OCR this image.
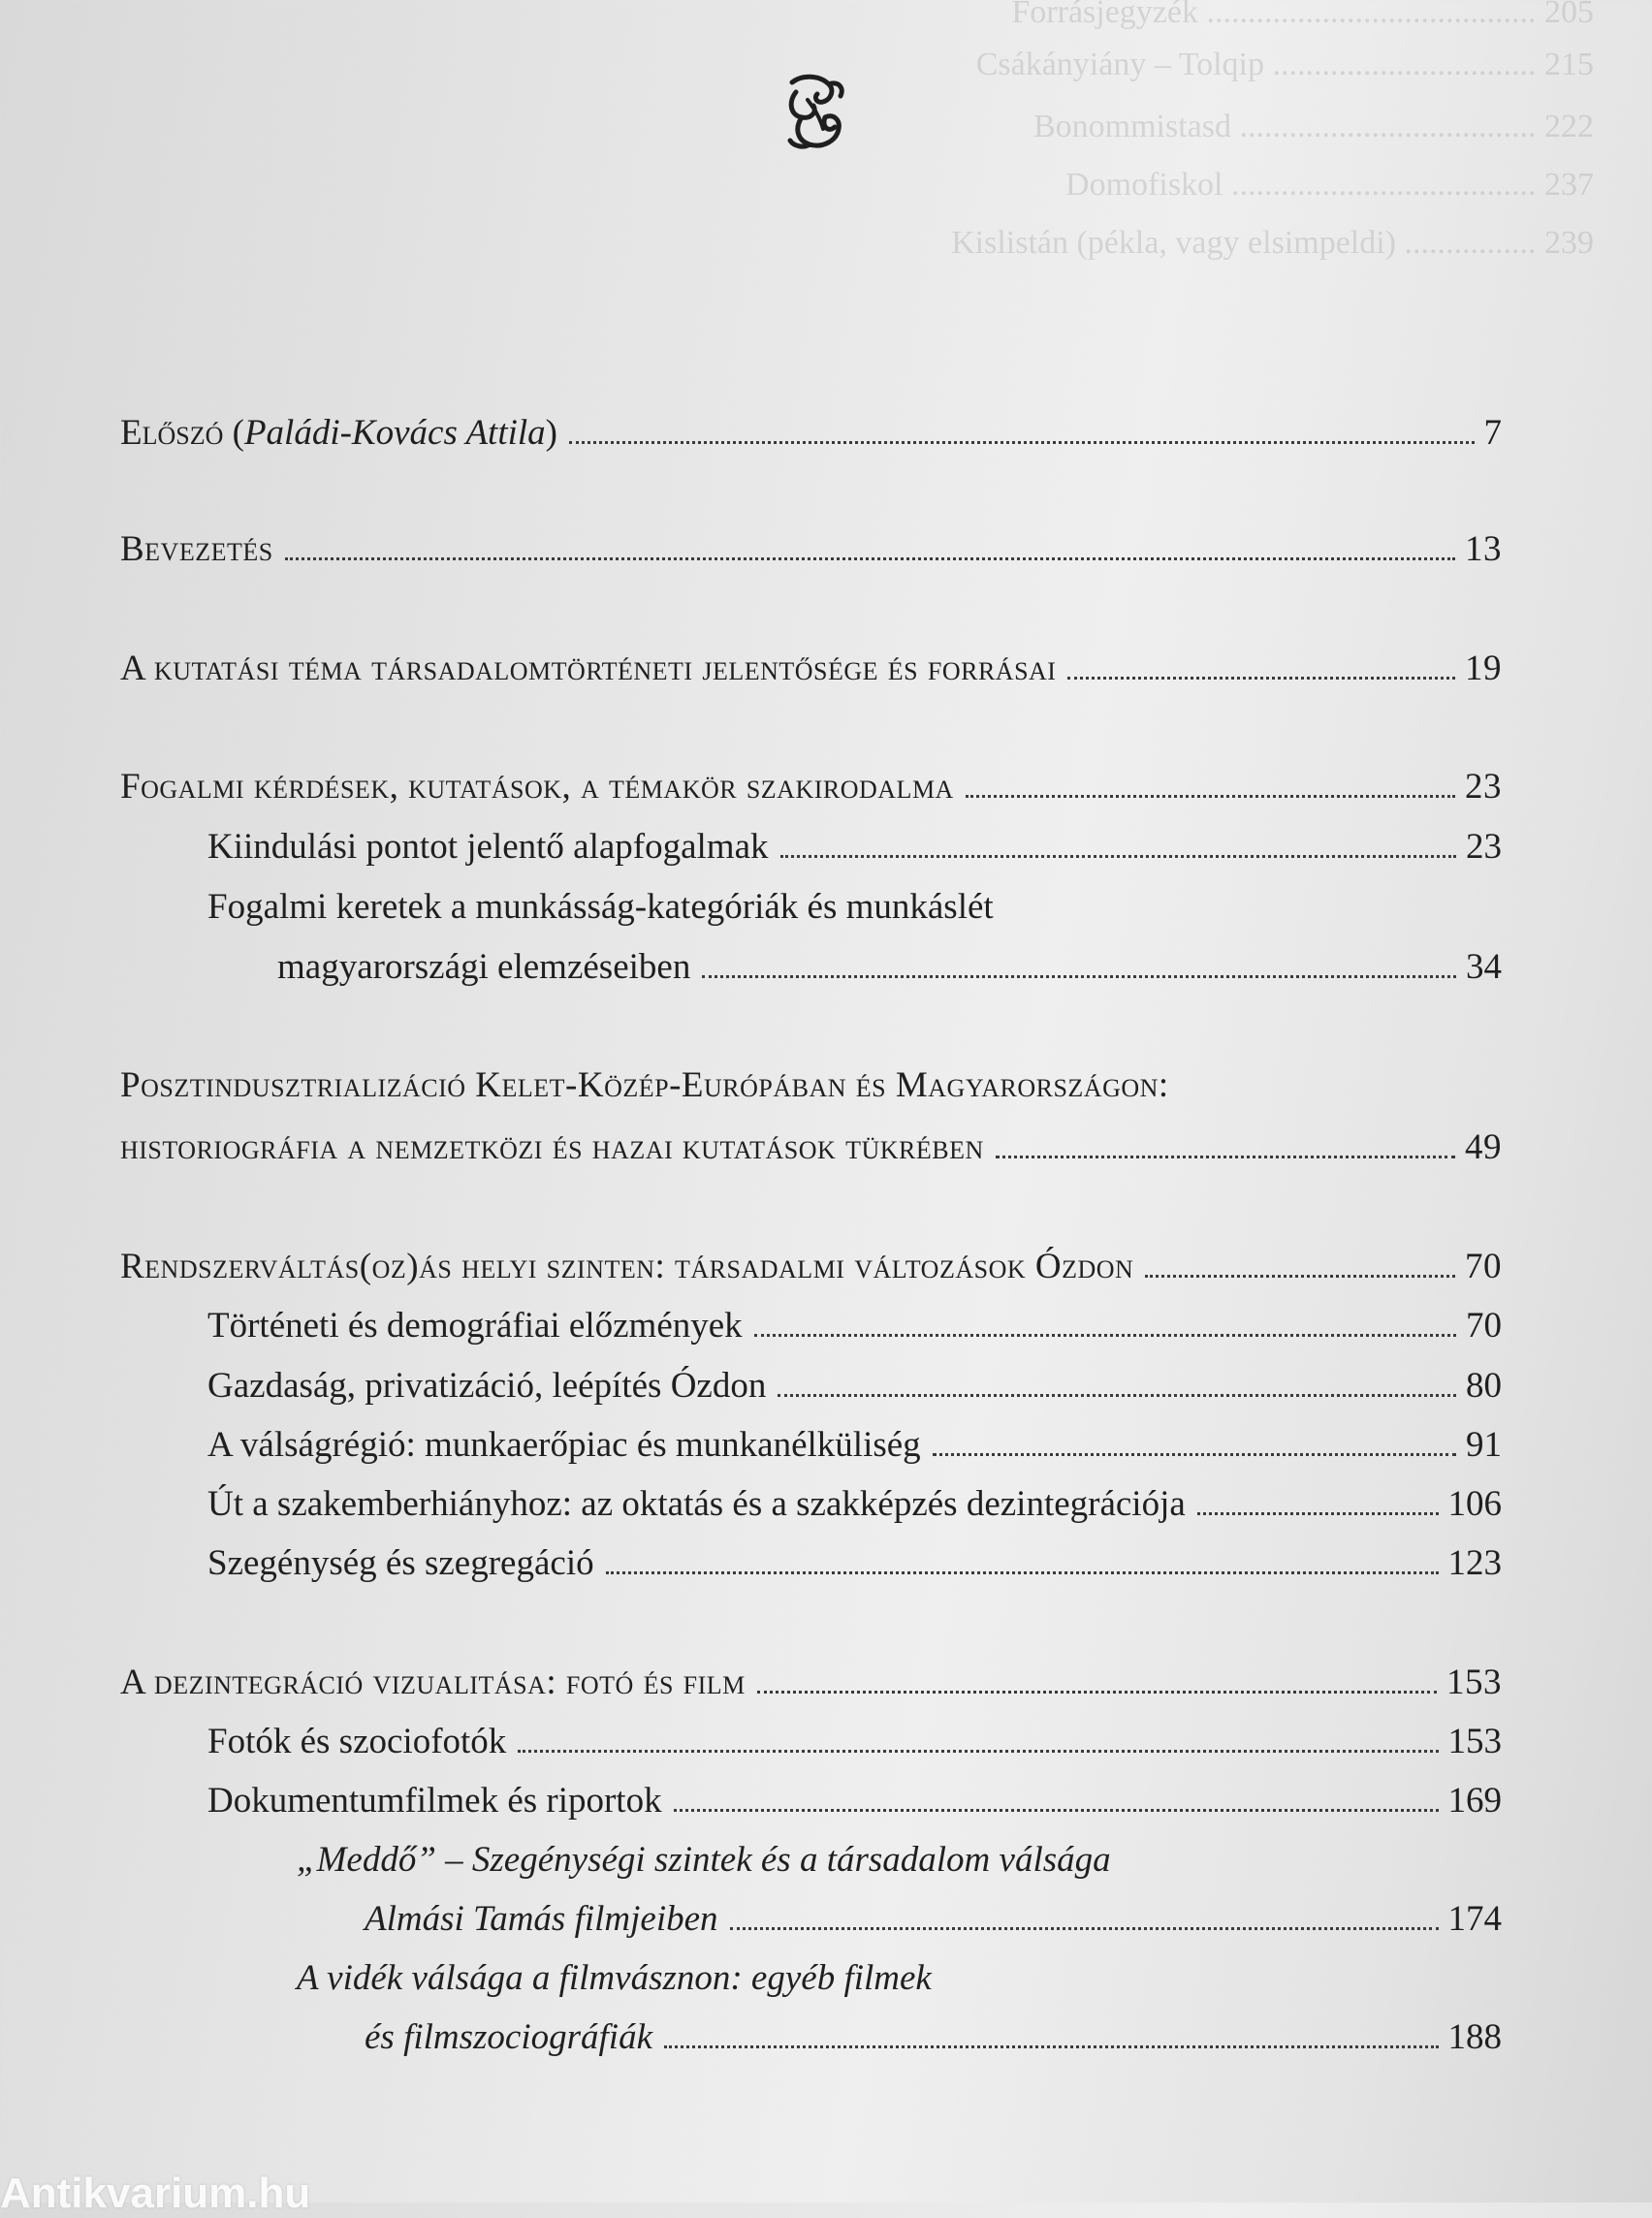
Forrásjegyzék ........................................ 205
Csákányiány – Tolqip ................................ 215
Bonommistasd .................................... 222
Domofiskol ..................................... 237
Kislistán (pékla, vagy elsimpeldi) ................ 239
Előszó (Paládi-Kovács Attila)	7
Bevezetés	13
A kutatási téma társadalomtörténeti jelentősége és forrásai	19
Fogalmi kérdések, kutatások, a témakör szakirodalma	23
Kiindulási pontot jelentő alapfogalmak	23
Fogalmi keretek a munkásság-kategóriák és munkáslét
magyarországi elemzéseiben	34
Posztindusztrializáció Kelet-Közép-Európában és Magyarországon:
historiográfia a nemzetközi és hazai kutatások tükrében	49
Rendszerváltás(oz)ás helyi szinten: társadalmi változások Ózdon	70
Történeti és demográfiai előzmények	70
Gazdaság, privatizáció, leépítés Ózdon	80
A válságrégió: munkaerőpiac és munkanélküliség	91
Út a szakemberhiányhoz: az oktatás és a szakképzés dezintegrációja	106
Szegénység és szegregáció	123
A dezintegráció vizualitása: fotó és film	153
Fotók és szociofotók	153
Dokumentumfilmek és riportok	169
„Meddő” – Szegénységi szintek és a társadalom válsága
Almási Tamás filmjeiben	174
A vidék válsága a filmvásznon: egyéb filmek
és filmszociográfiák	188
Antikvarium.hu
